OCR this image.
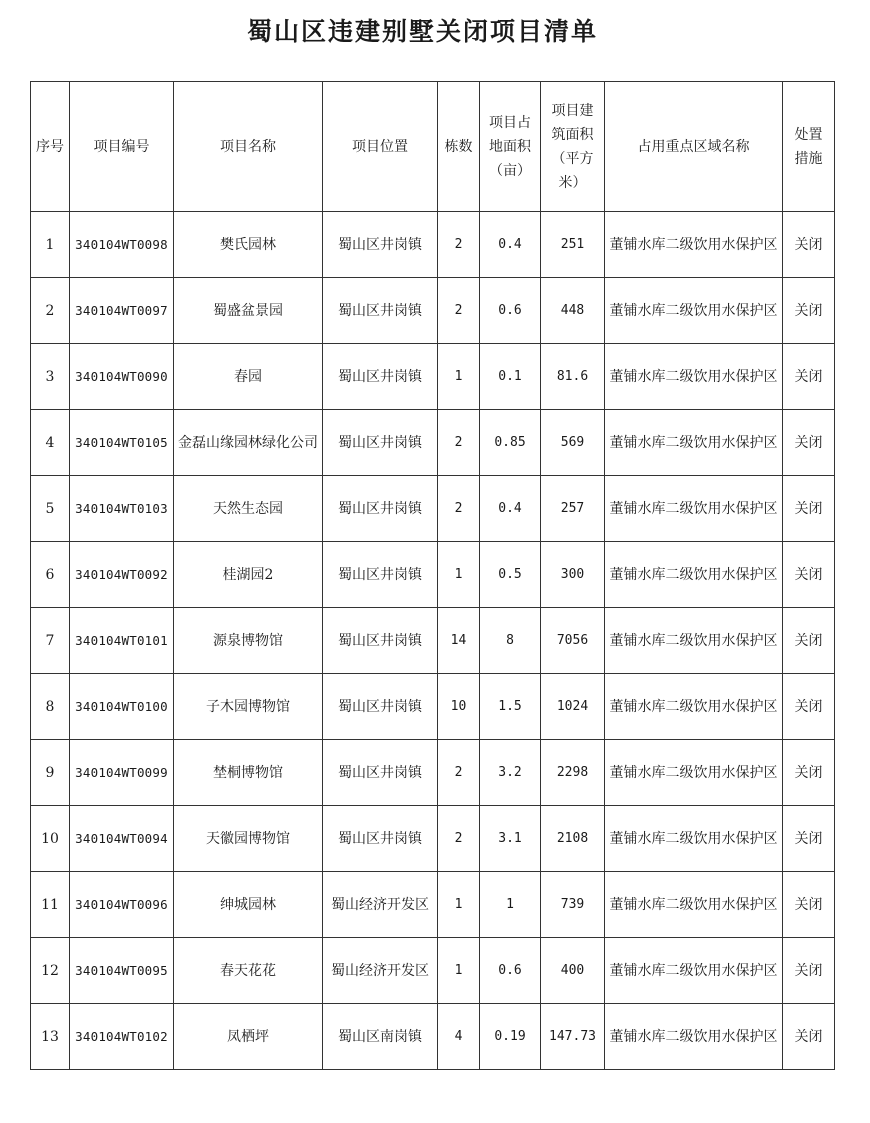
蜀山区违建别墅关闭项目清单
序号	项目编号	项目名称	项目位置	栋数	项目占地面积（亩）	项目建筑面积（平方米）	占用重点区域名称	处置措施
1	340104WT0098	樊氏园林	蜀山区井岗镇	2	0.4	251	董铺水库二级饮用水保护区	关闭
2	340104WT0097	蜀盛盆景园	蜀山区井岗镇	2	0.6	448	董铺水库二级饮用水保护区	关闭
3	340104WT0090	春园	蜀山区井岗镇	1	0.1	81.6	董铺水库二级饮用水保护区	关闭
4	340104WT0105	金磊山缘园林绿化公司	蜀山区井岗镇	2	0.85	569	董铺水库二级饮用水保护区	关闭
5	340104WT0103	天然生态园	蜀山区井岗镇	2	0.4	257	董铺水库二级饮用水保护区	关闭
6	340104WT0092	桂湖园2	蜀山区井岗镇	1	0.5	300	董铺水库二级饮用水保护区	关闭
7	340104WT0101	源泉博物馆	蜀山区井岗镇	14	8	7056	董铺水库二级饮用水保护区	关闭
8	340104WT0100	子木园博物馆	蜀山区井岗镇	10	1.5	1024	董铺水库二级饮用水保护区	关闭
9	340104WT0099	埜桐博物馆	蜀山区井岗镇	2	3.2	2298	董铺水库二级饮用水保护区	关闭
10	340104WT0094	天徽园博物馆	蜀山区井岗镇	2	3.1	2108	董铺水库二级饮用水保护区	关闭
11	340104WT0096	绅城园林	蜀山经济开发区	1	1	739	董铺水库二级饮用水保护区	关闭
12	340104WT0095	春天花花	蜀山经济开发区	1	0.6	400	董铺水库二级饮用水保护区	关闭
13	340104WT0102	凤栖坪	蜀山区南岗镇	4	0.19	147.73	董铺水库二级饮用水保护区	关闭
